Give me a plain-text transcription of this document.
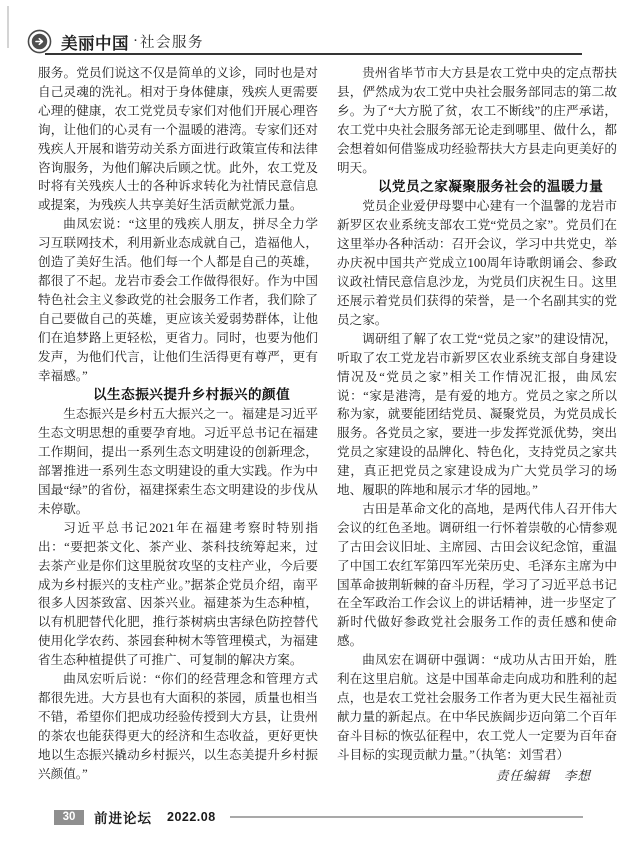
美丽中国 · 社会服务

服务。党员们说这不仅是简单的义诊，同时也是对自己灵魂的洗礼。相对于身体健康，残疾人更需要心理的健康，农工党党员专家们对他们开展心理咨询，让他们的心灵有一个温暖的港湾。专家们还对残疾人开展和谐劳动关系方面进行政策宣传和法律咨询服务，为他们解决后顾之忧。此外，农工党及时将有关残疾人士的各种诉求转化为社情民意信息或提案，为残疾人共享美好生活贡献党派力量。

曲凤宏说：“这里的残疾人朋友，拼尽全力学习互联网技术，利用新业态成就自己，造福他人，创造了美好生活。他们每一个人都是自己的英雄，都很了不起。龙岩市委会工作做得很好。作为中国特色社会主义参政党的社会服务工作者，我们除了自己要做自己的英雄，更应该关爱弱势群体，让他们在追梦路上更轻松，更省力。同时，也要为他们发声，为他们代言，让他们生活得更有尊严，更有幸福感。”

以生态振兴提升乡村振兴的颜值

生态振兴是乡村五大振兴之一。福建是习近平生态文明思想的重要孕育地。习近平总书记在福建工作期间，提出一系列生态文明建设的创新理念，部署推进一系列生态文明建设的重大实践。作为中国最“绿”的省份，福建探索生态文明建设的步伐从未停歇。

习近平总书记2021年在福建考察时特别指出：“要把茶文化、茶产业、茶科技统筹起来，过去茶产业是你们这里脱贫攻坚的支柱产业，今后要成为乡村振兴的支柱产业。”据茶企党员介绍，南平很多人因茶致富、因茶兴业。福建茶为生态种植，以有机肥替代化肥，推行茶树病虫害绿色防控替代使用化学农药、茶园套种树木等管理模式，为福建省生态种植提供了可推广、可复制的解决方案。

曲凤宏听后说：“你们的经营理念和管理方式都很先进。大方县也有大面积的茶园，质量也相当不错，希望你们把成功经验传授到大方县，让贵州的茶农也能获得更大的经济和生态收益，更好更快地以生态振兴撬动乡村振兴，以生态美提升乡村振兴颜值。”

贵州省毕节市大方县是农工党中央的定点帮扶县，俨然成为农工党中央社会服务部同志的第二故乡。为了“大方脱了贫，农工不断线”的庄严承诺，农工党中央社会服务部无论走到哪里、做什么，都会想着如何借鉴成功经验帮扶大方县走向更美好的明天。

以党员之家凝聚服务社会的温暖力量

党员企业爱伊母婴中心建有一个温馨的龙岩市新罗区农业系统支部农工党“党员之家”。党员们在这里举办各种活动：召开会议，学习中共党史，举办庆祝中国共产党成立100周年诗歌朗诵会、参政议政社情民意信息沙龙，为党员们庆祝生日。这里还展示着党员们获得的荣誉，是一个名副其实的党员之家。

调研组了解了农工党“党员之家”的建设情况，听取了农工党龙岩市新罗区农业系统支部自身建设情况及“党员之家”相关工作情况汇报，曲凤宏说：“家是港湾，是有爱的地方。党员之家之所以称为家，就要能团结党员、凝聚党员，为党员成长服务。各党员之家，要进一步发挥党派优势，突出党员之家建设的品牌化、特色化，支持党员之家共建，真正把党员之家建设成为广大党员学习的场地、履职的阵地和展示才华的园地。”

古田是革命文化的高地，是两代伟人召开伟大会议的红色圣地。调研组一行怀着崇敬的心情参观了古田会议旧址、主席园、古田会议纪念馆，重温了中国工农红军第四军光荣历史、毛泽东主席为中国革命披荆斩棘的奋斗历程，学习了习近平总书记在全军政治工作会议上的讲话精神，进一步坚定了新时代做好参政党社会服务工作的责任感和使命感。

曲凤宏在调研中强调：“成功从古田开始，胜利在这里启航。这是中国革命走向成功和胜利的起点，也是农工党社会服务工作者为更大民生福祉贡献力量的新起点。在中华民族阔步迈向第二个百年奋斗目标的恢弘征程中，农工党人一定要为百年奋斗目标的实现贡献力量。”（执笔：刘雪君）

责任编辑　李想

30	前进论坛 2022.08
